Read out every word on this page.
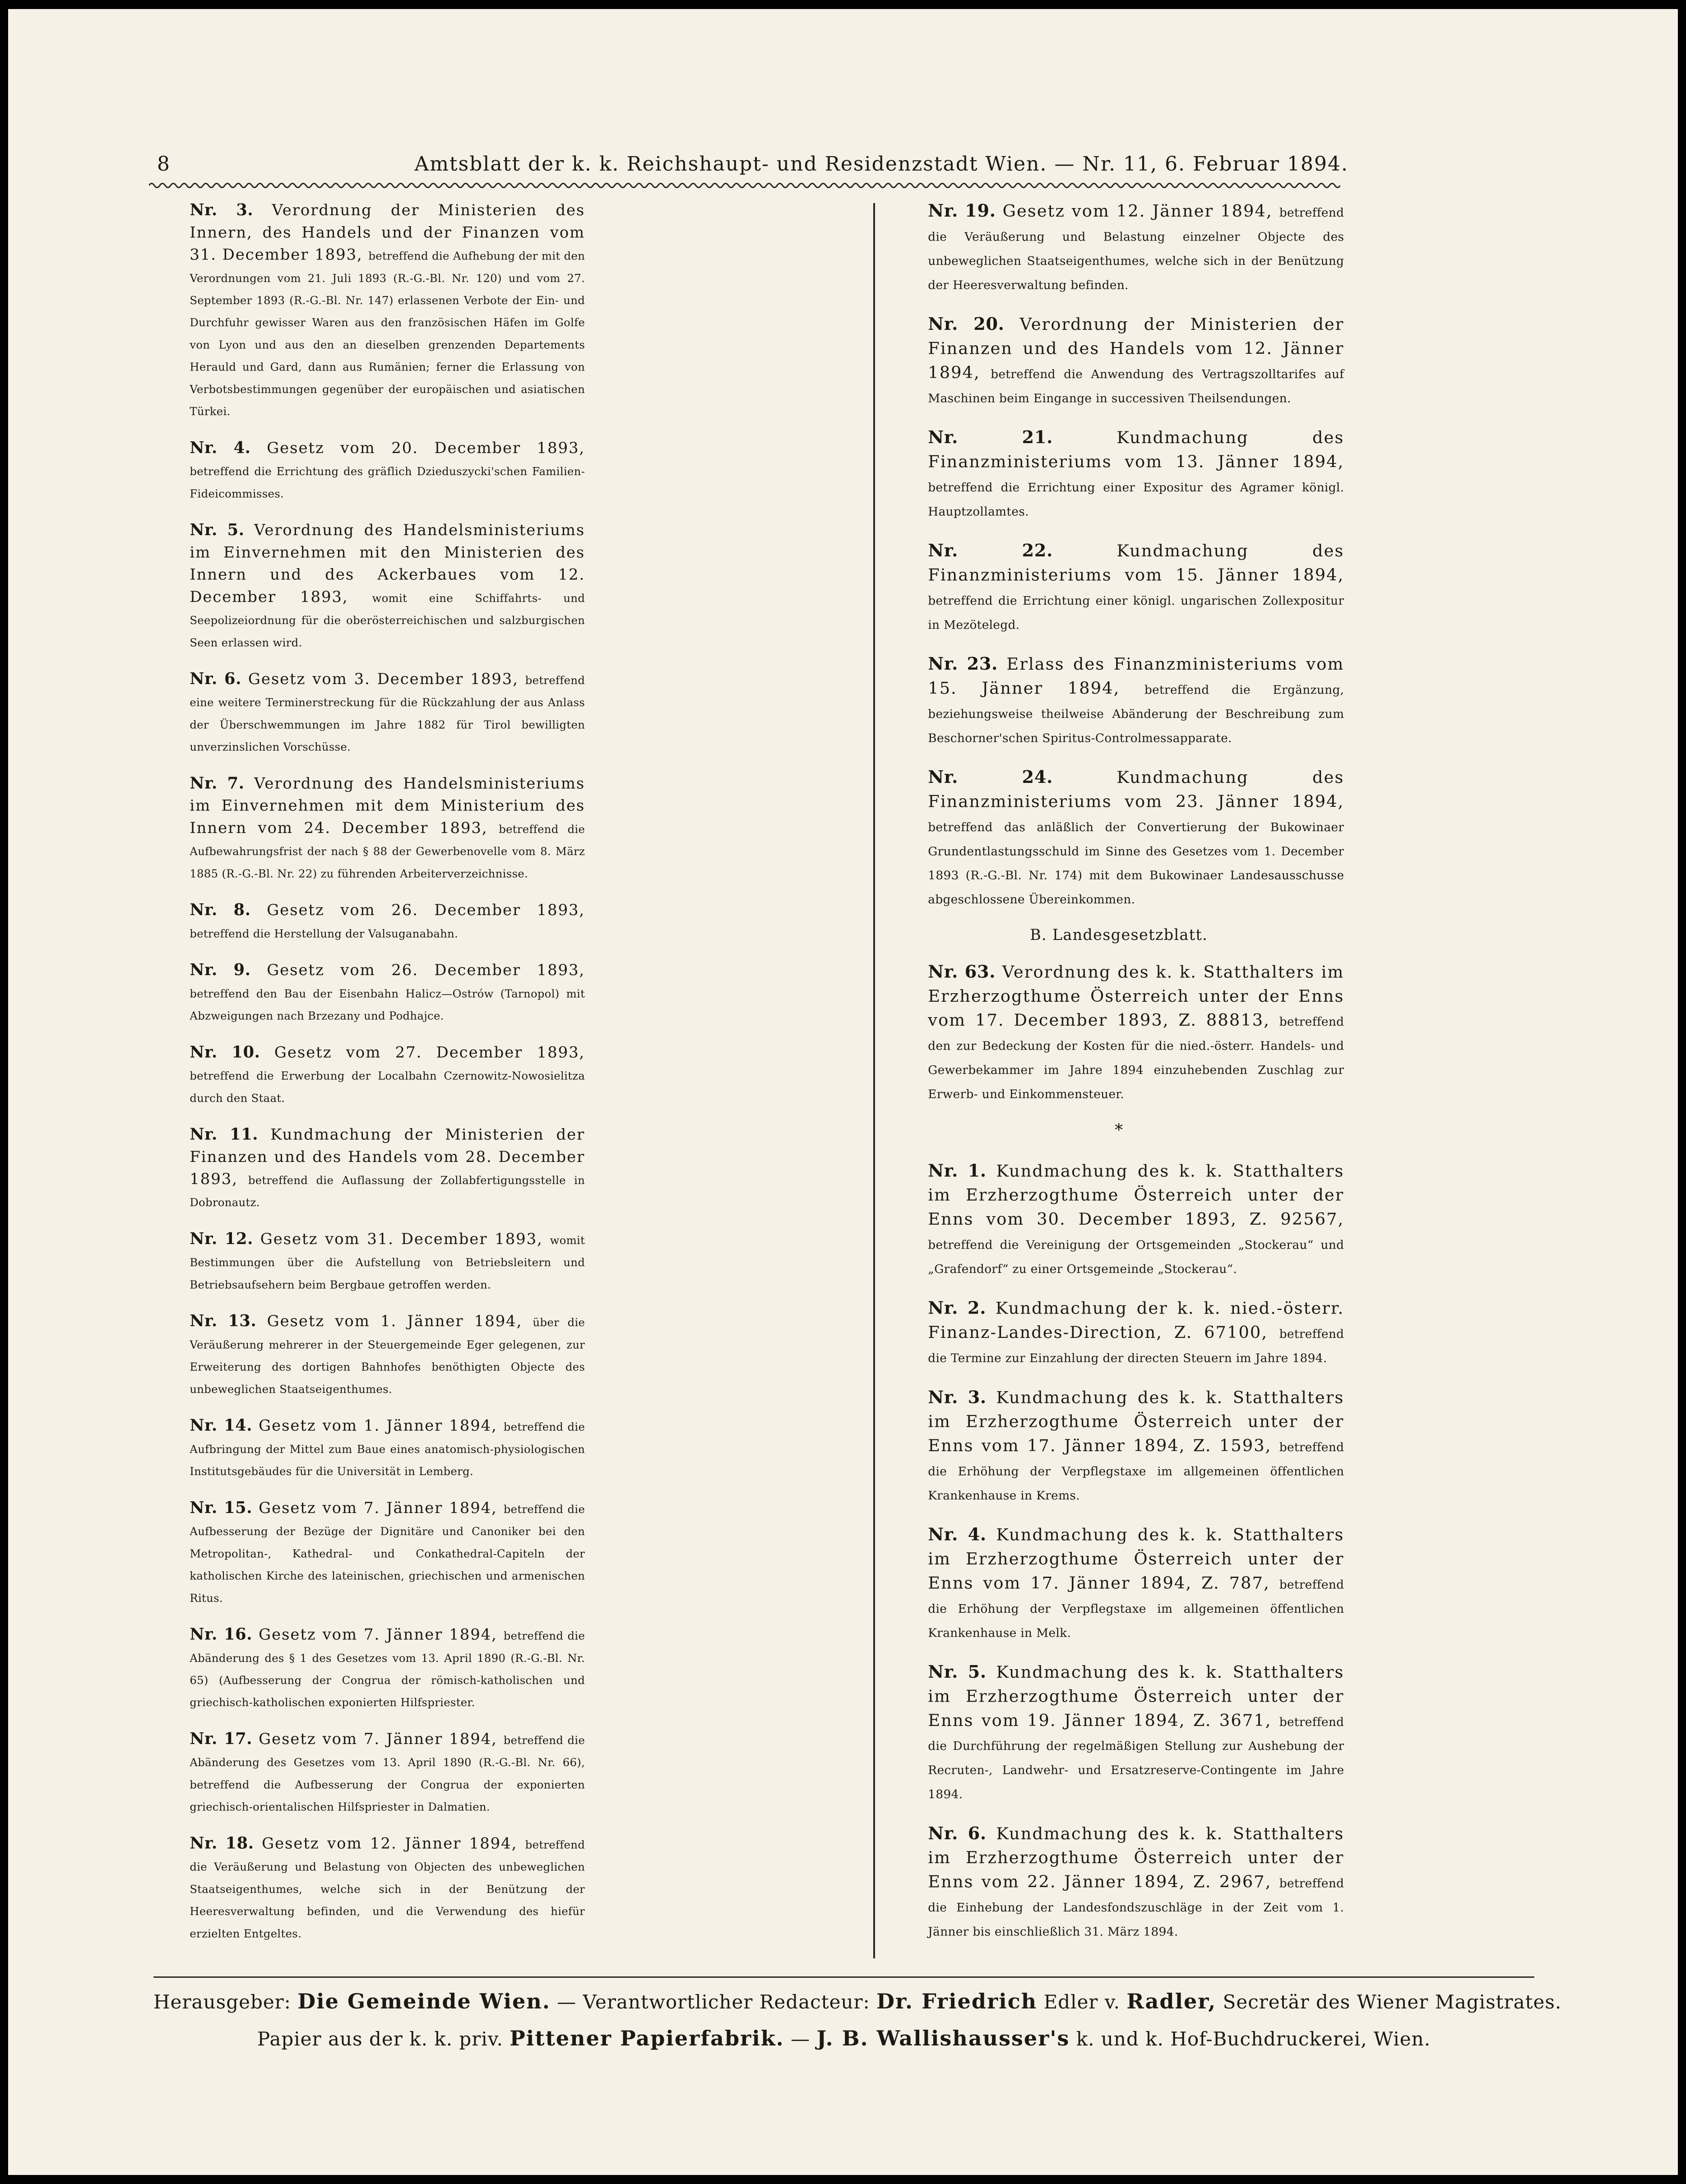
8	Amtsblatt der k. k. Reichshaupt- und Residenzstadt Wien. — Nr. 11, 6. Februar 1894.

Nr. 3. Verordnung der Ministerien des Innern, des Handels und der Finanzen vom 31. December 1893, betreffend die Aufhebung der mit den Verordnungen vom 21. Juli 1893 (R.-G.-Bl. Nr. 120) und vom 27. September 1893 (R.-G.-Bl. Nr. 147) erlassenen Verbote der Ein- und Durchfuhr gewisser Waren aus den französischen Häfen im Golfe von Lyon und aus den an dieselben grenzenden Departements Herauld und Gard, dann aus Rumänien; ferner die Erlassung von Verbotsbestimmungen gegenüber der europäischen und asiatischen Türkei.

Nr. 4. Gesetz vom 20. December 1893, betreffend die Errichtung des gräflich Dzieduszycki'schen Familien-Fideicommisses.

Nr. 5. Verordnung des Handelsministeriums im Einvernehmen mit den Ministerien des Innern und des Ackerbaues vom 12. December 1893, womit eine Schiffahrts- und Seepolizeiordnung für die oberösterreichischen und salzburgischen Seen erlassen wird.

Nr. 6. Gesetz vom 3. December 1893, betreffend eine weitere Terminerstreckung für die Rückzahlung der aus Anlass der Überschwemmungen im Jahre 1882 für Tirol bewilligten unverzinslichen Vorschüsse.

Nr. 7. Verordnung des Handelsministeriums im Einvernehmen mit dem Ministerium des Innern vom 24. December 1893, betreffend die Aufbewahrungsfrist der nach § 88 der Gewerbenovelle vom 8. März 1885 (R.-G.-Bl. Nr. 22) zu führenden Arbeiterverzeichnisse.

Nr. 8. Gesetz vom 26. December 1893, betreffend die Herstellung der Valsuganabahn.

Nr. 9. Gesetz vom 26. December 1893, betreffend den Bau der Eisenbahn Halicz—Ostrów (Tarnopol) mit Abzweigungen nach Brzezany und Podhajce.

Nr. 10. Gesetz vom 27. December 1893, betreffend die Erwerbung der Localbahn Czernowitz-Nowosielitza durch den Staat.

Nr. 11. Kundmachung der Ministerien der Finanzen und des Handels vom 28. December 1893, betreffend die Auflassung der Zollabfertigungsstelle in Dobronautz.

Nr. 12. Gesetz vom 31. December 1893, womit Bestimmungen über die Aufstellung von Betriebsleitern und Betriebsaufsehern beim Bergbaue getroffen werden.

Nr. 13. Gesetz vom 1. Jänner 1894, über die Veräußerung mehrerer in der Steuergemeinde Eger gelegenen, zur Erweiterung des dortigen Bahnhofes benöthigten Objecte des unbeweglichen Staatseigenthumes.

Nr. 14. Gesetz vom 1. Jänner 1894, betreffend die Aufbringung der Mittel zum Baue eines anatomisch-physiologischen Institutsgebäudes für die Universität in Lemberg.

Nr. 15. Gesetz vom 7. Jänner 1894, betreffend die Aufbesserung der Bezüge der Dignitäre und Canoniker bei den Metropolitan-, Kathedral- und Conkathedral-Capiteln der katholischen Kirche des lateinischen, griechischen und armenischen Ritus.

Nr. 16. Gesetz vom 7. Jänner 1894, betreffend die Abänderung des § 1 des Gesetzes vom 13. April 1890 (R.-G.-Bl. Nr. 65) (Aufbesserung der Congrua der römisch-katholischen und griechisch-katholischen exponierten Hilfspriester.

Nr. 17. Gesetz vom 7. Jänner 1894, betreffend die Abänderung des Gesetzes vom 13. April 1890 (R.-G.-Bl. Nr. 66), betreffend die Aufbesserung der Congrua der exponierten griechisch-orientalischen Hilfspriester in Dalmatien.

Nr. 18. Gesetz vom 12. Jänner 1894, betreffend die Veräußerung und Belastung von Objecten des unbeweglichen Staatseigenthumes, welche sich in der Benützung der Heeresverwaltung befinden, und die Verwendung des hiefür erzielten Entgeltes.

Nr. 19. Gesetz vom 12. Jänner 1894, betreffend die Veräußerung und Belastung einzelner Objecte des unbeweglichen Staatseigenthumes, welche sich in der Benützung der Heeresverwaltung befinden.

Nr. 20. Verordnung der Ministerien der Finanzen und des Handels vom 12. Jänner 1894, betreffend die Anwendung des Vertragszolltarifes auf Maschinen beim Eingange in successiven Theilsendungen.

Nr. 21.	Kundmachung des Finanzministeriums vom 13. Jänner 1894, betreffend die Errichtung einer Expositur des Agramer königl. Hauptzollamtes.

Nr. 22.	Kundmachung des Finanzministeriums vom 15. Jänner 1894, betreffend die Errichtung einer königl. ungarischen Zollexpositur in Mezötelegd.

Nr. 23. Erlass des Finanzministeriums vom 15. Jänner 1894, betreffend die Ergänzung, beziehungsweise theilweise Abänderung der Beschreibung zum Beschorner'schen Spiritus-Controlmessapparate.

Nr. 24.	Kundmachung des Finanzministeriums vom 23. Jänner 1894, betreffend das anläßlich der Convertierung der Bukowinaer Grundentlastungsschuld im Sinne des Gesetzes vom 1. December 1893 (R.-G.-Bl. Nr. 174) mit dem Bukowinaer Landesausschusse abgeschlossene Übereinkommen.

B. Landesgesetzblatt.

Nr. 63. Verordnung des k. k. Statthalters im Erzherzogthume Österreich unter der Enns vom 17. December 1893, Z. 88813, betreffend den zur Bedeckung der Kosten für die nied.-österr. Handels- und Gewerbekammer im Jahre 1894 einzuhebenden Zuschlag zur Erwerb- und Einkommensteuer.

*

Nr. 1. Kundmachung des k. k. Statthalters im Erzherzogthume Österreich unter der Enns vom 30. December 1893, Z. 92567, betreffend die Vereinigung der Ortsgemeinden „Stockerau“ und „Grafendorf“ zu einer Ortsgemeinde „Stockerau“.

Nr. 2. Kundmachung der k. k. nied.-österr. Finanz-Landes-Direction, Z. 67100, betreffend die Termine zur Einzahlung der directen Steuern im Jahre 1894.

Nr. 3. Kundmachung des k. k. Statthalters im Erzherzogthume Österreich unter der Enns vom 17. Jänner 1894, Z. 1593, betreffend die Erhöhung der Verpflegstaxe im allgemeinen öffentlichen Krankenhause in Krems.

Nr. 4. Kundmachung des k. k. Statthalters im Erzherzogthume Österreich unter der Enns vom 17. Jänner 1894, Z. 787, betreffend die Erhöhung der Verpflegstaxe im allgemeinen öffentlichen Krankenhause in Melk.

Nr. 5. Kundmachung des k. k. Statthalters im Erzherzogthume Österreich unter der Enns vom 19. Jänner 1894, Z. 3671, betreffend die Durchführung der regelmäßigen Stellung zur Aushebung der Recruten-, Landwehr- und Ersatzreserve-Contingente im Jahre 1894.

Nr. 6. Kundmachung des k. k. Statthalters im Erzherzogthume Österreich unter der Enns vom 22. Jänner 1894, Z. 2967, betreffend die Einhebung der Landesfondszuschläge in der Zeit vom 1. Jänner bis einschließlich 31. März 1894.

Herausgeber: Die Gemeinde Wien. — Verantwortlicher Redacteur: Dr. Friedrich Edler v. Radler, Secretär des Wiener Magistrates.
Papier aus der k. k. priv. Pittener Papierfabrik. — J. B. Wallishausser's k. und k. Hof-Buchdruckerei, Wien.
